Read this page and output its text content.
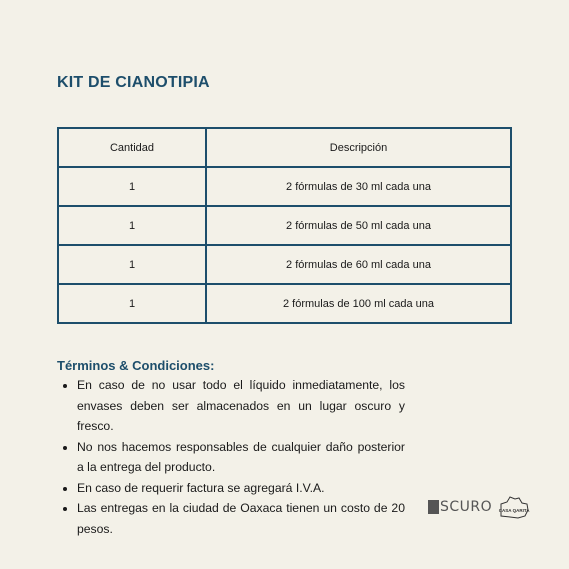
KIT DE CIANOTIPIA
Cantidad	Descripción
1	2 fórmulas de 30 ml cada una
1	2 fórmulas de 50 ml cada una
1	2 fórmulas de 60 ml cada una
1	2 fórmulas de 100 ml cada una
Términos & Condiciones:
• En caso de no usar todo el líquido inmediatamente, los envases deben ser almacenados en un lugar oscuro y fresco.
• No nos hacemos responsables de cualquier daño posterior a la entrega del producto.
• En caso de requerir factura se agregará I.V.A.
• Las entregas en la ciudad de Oaxaca tienen un costo de 20 pesos.
SCURO CASA QARITA
